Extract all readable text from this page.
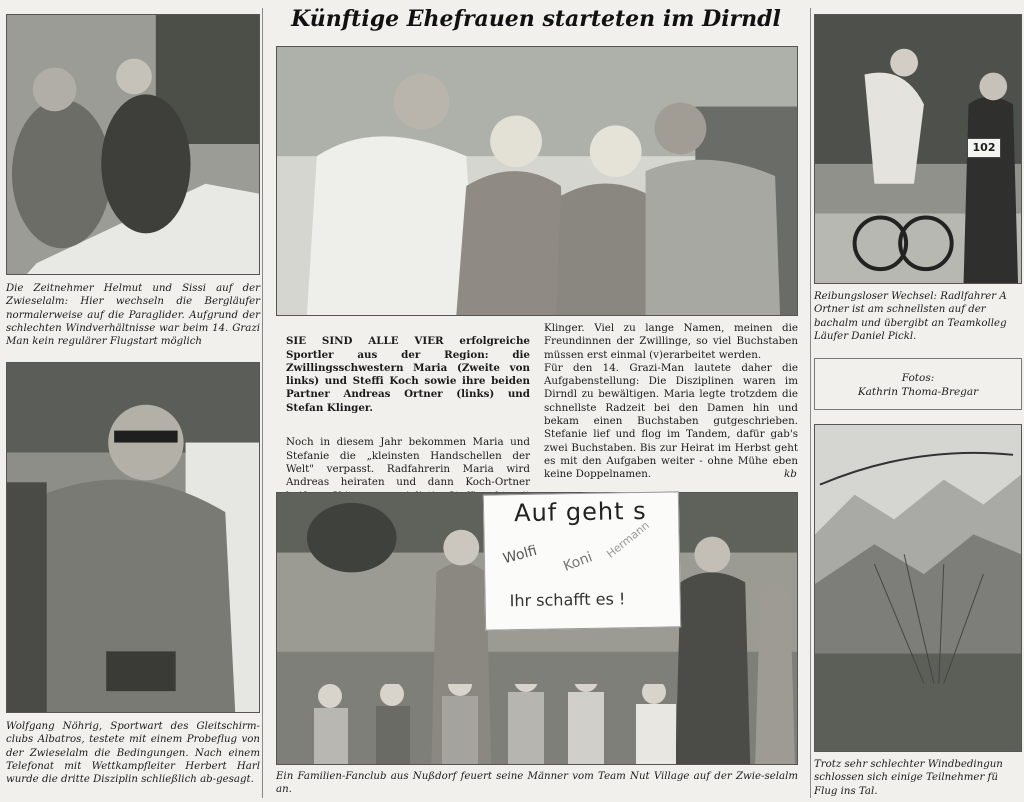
Künftige Ehefrauen starteten im Dirndl
Die Zeitnehmer Helmut und Sissi auf der Zwieselalm: Hier wechseln die Bergläufer normalerweise auf die Paraglider. Aufgrund der schlechten Windverhältnisse war beim 14. Grazi Man kein regulärer Flugstart möglich
Wolfgang Nöhrig, Sportwart des Gleitschirm-clubs Albatros, testete mit einem Probeflug von der Zwieselalm die Bedingungen. Nach einem Telefonat mit Wettkampfleiter Herbert Harl wurde die dritte Disziplin schließlich ab-gesagt.

SIE SIND ALLE VIER erfolgreiche Sportler aus der Region: die Zwillingsschwestern Maria (Zweite von links) und Steffi Koch sowie ihre beiden Partner Andreas Ortner (links) und Stefan Klinger.

Noch in diesem Jahr bekommen Maria und Stefanie die „kleinsten Handschellen der Welt" verpasst. Radfahrerin Maria wird Andreas heiraten und dann Koch-Ortner

Klinger. Viel zu lange Namen, meinen die Freundinnen der Zwillinge, so viel Buchstaben müssen erst einmal (v)erarbeitet werden.
Für den 14. Grazi-Man lautete daher die Aufgabenstellung: Die Disziplinen waren im Dirndl zu bewältigen. Maria legte trotzdem die schnellste Radzeit bei den Damen hin und bekam einen Buchstaben gutgeschrieben. Stefanie lief und flog im Tandem, dafür gab's zwei Buchstaben. Bis zur Heirat im Herbst geht es mit den Aufgaben weiter - ohne Mühe eben keine Doppelnamen.	kb
Auf geht s
Wolfi Koni
Hermann
Ihr schafft es !
Ein Familien-Fanclub aus Nußdorf feuert seine Männer vom Team Nut Village auf der Zwie-selalm an.
102
Reibungsloser Wechsel: Radlfahrer A
Ortner ist am schnellsten auf der
bachalm und übergibt an Teamkolleg
Läufer Daniel Pickl.
Fotos:
Kathrin Thoma-Bregar
Trotz sehr schlechter Windbedingun
schlossen sich einige Teilnehmer fü
Flug ins Tal.
